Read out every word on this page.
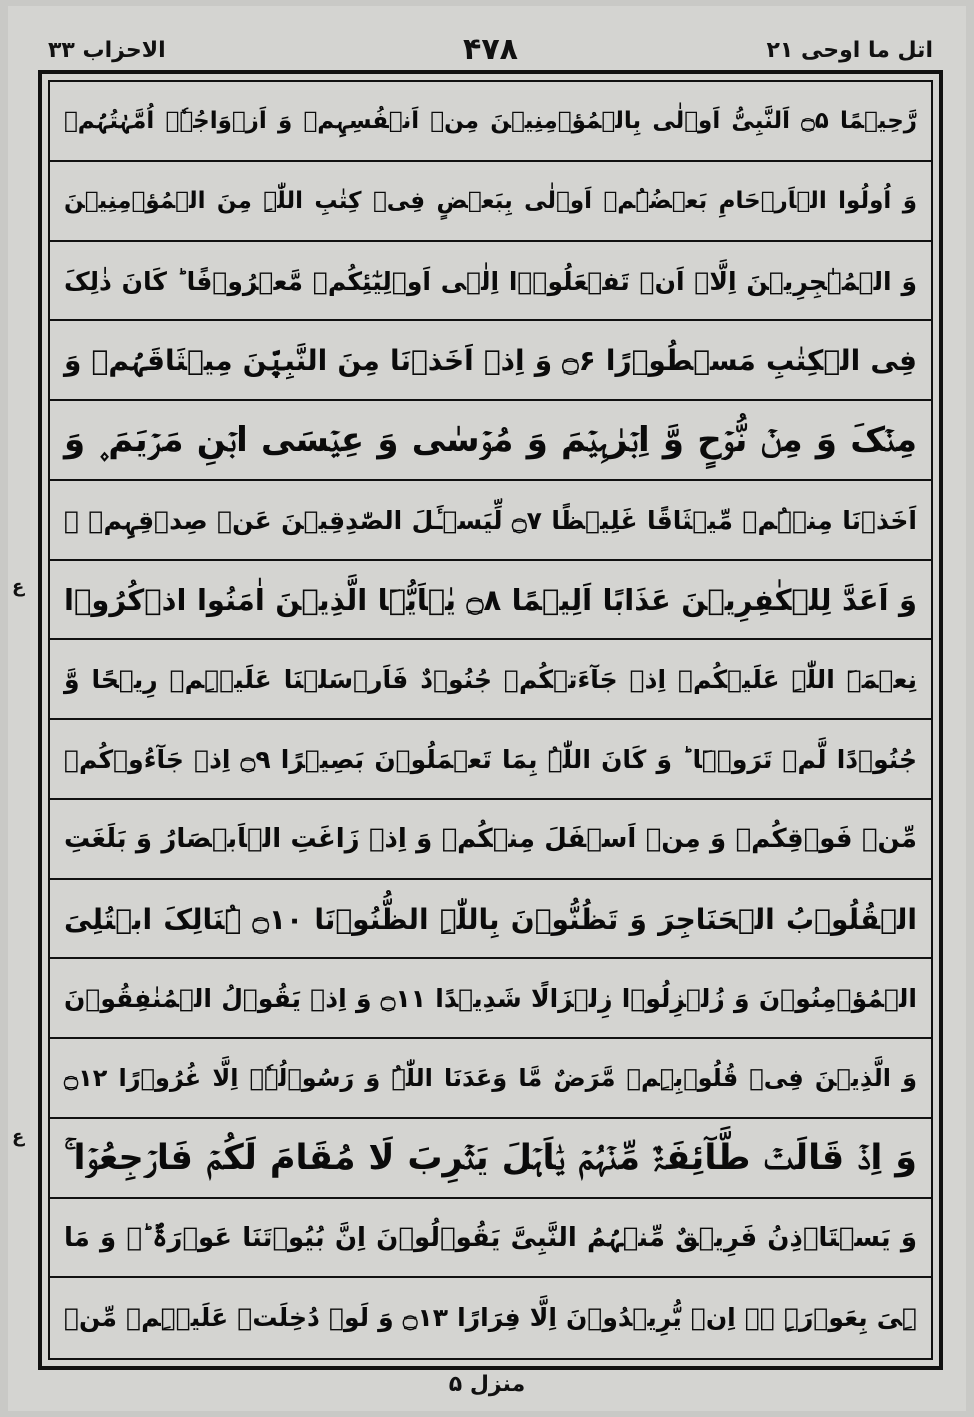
اتل ما اوحی ۲۱
۴۷۸
الاحزاب ۳۳
رَّحِیۡمًا ۝۵ اَلنَّبِیُّ اَوۡلٰی بِالۡمُؤۡمِنِیۡنَ مِنۡ اَنۡفُسِہِمۡ وَ اَزۡوَاجُہٗۤ اُمَّہٰتُہُمۡ
وَ اُولُوا الۡاَرۡحَامِ بَعۡضُہُمۡ اَوۡلٰی بِبَعۡضٍ فِیۡ کِتٰبِ اللّٰہِ مِنَ الۡمُؤۡمِنِیۡنَ
وَ الۡمُہٰجِرِیۡنَ اِلَّاۤ اَنۡ تَفۡعَلُوۡۤا اِلٰۤی اَوۡلِیٰٓئِکُمۡ مَّعۡرُوۡفًا ؕ کَانَ ذٰلِکَ
فِی الۡکِتٰبِ مَسۡطُوۡرًا ۝۶ وَ اِذۡ اَخَذۡنَا مِنَ النَّبِیّٖنَ مِیۡثَاقَہُمۡ وَ
مِنۡکَ وَ مِنۡ نُّوۡحٍ وَّ اِبۡرٰہِیۡمَ وَ مُوۡسٰی وَ عِیۡسَی ابۡنِ مَرۡیَمَ ۪ وَ
اَخَذۡنَا مِنۡہُمۡ مِّیۡثَاقًا غَلِیۡظًا ۝۷ لِّیَسۡـَٔلَ الصّٰدِقِیۡنَ عَنۡ صِدۡقِہِمۡ ۚ
وَ اَعَدَّ لِلۡکٰفِرِیۡنَ عَذَابًا اَلِیۡمًا ۝۸ یٰۤاَیُّہَا الَّذِیۡنَ اٰمَنُوا اذۡکُرُوۡا
نِعۡمَۃَ اللّٰہِ عَلَیۡکُمۡ اِذۡ جَآءَتۡکُمۡ جُنُوۡدٌ فَاَرۡسَلۡنَا عَلَیۡہِمۡ رِیۡحًا وَّ
جُنُوۡدًا لَّمۡ تَرَوۡہَا ؕ وَ کَانَ اللّٰہُ بِمَا تَعۡمَلُوۡنَ بَصِیۡرًا ۝۹ اِذۡ جَآءُوۡکُمۡ
مِّنۡ فَوۡقِکُمۡ وَ مِنۡ اَسۡفَلَ مِنۡکُمۡ وَ اِذۡ زَاغَتِ الۡاَبۡصَارُ وَ بَلَغَتِ
الۡقُلُوۡبُ الۡحَنَاجِرَ وَ تَظُنُّوۡنَ بِاللّٰہِ الظُّنُوۡنَا ۝۱۰ ہُنَالِکَ ابۡتُلِیَ
الۡمُؤۡمِنُوۡنَ وَ زُلۡزِلُوۡا زِلۡزَالًا شَدِیۡدًا ۝۱۱ وَ اِذۡ یَقُوۡلُ الۡمُنٰفِقُوۡنَ
وَ الَّذِیۡنَ فِیۡ قُلُوۡبِہِمۡ مَّرَضٌ مَّا وَعَدَنَا اللّٰہُ وَ رَسُوۡلُہٗۤ اِلَّا غُرُوۡرًا ۝۱۲
وَ اِذۡ قَالَتۡ طَّآئِفَۃٌ مِّنۡہُمۡ یٰۤاَہۡلَ یَثۡرِبَ لَا مُقَامَ لَکُمۡ فَارۡجِعُوۡا ۚ
وَ یَسۡتَاۡذِنُ فَرِیۡقٌ مِّنۡہُمُ النَّبِیَّ یَقُوۡلُوۡنَ اِنَّ بُیُوۡتَنَا عَوۡرَۃٌ ؕۛ وَ مَا
ہِیَ بِعَوۡرَۃٍ ۚۛ اِنۡ یُّرِیۡدُوۡنَ اِلَّا فِرَارًا ۝۱۳ وَ لَوۡ دُخِلَتۡ عَلَیۡہِمۡ مِّنۡ
ع
ع
منزل ۵
